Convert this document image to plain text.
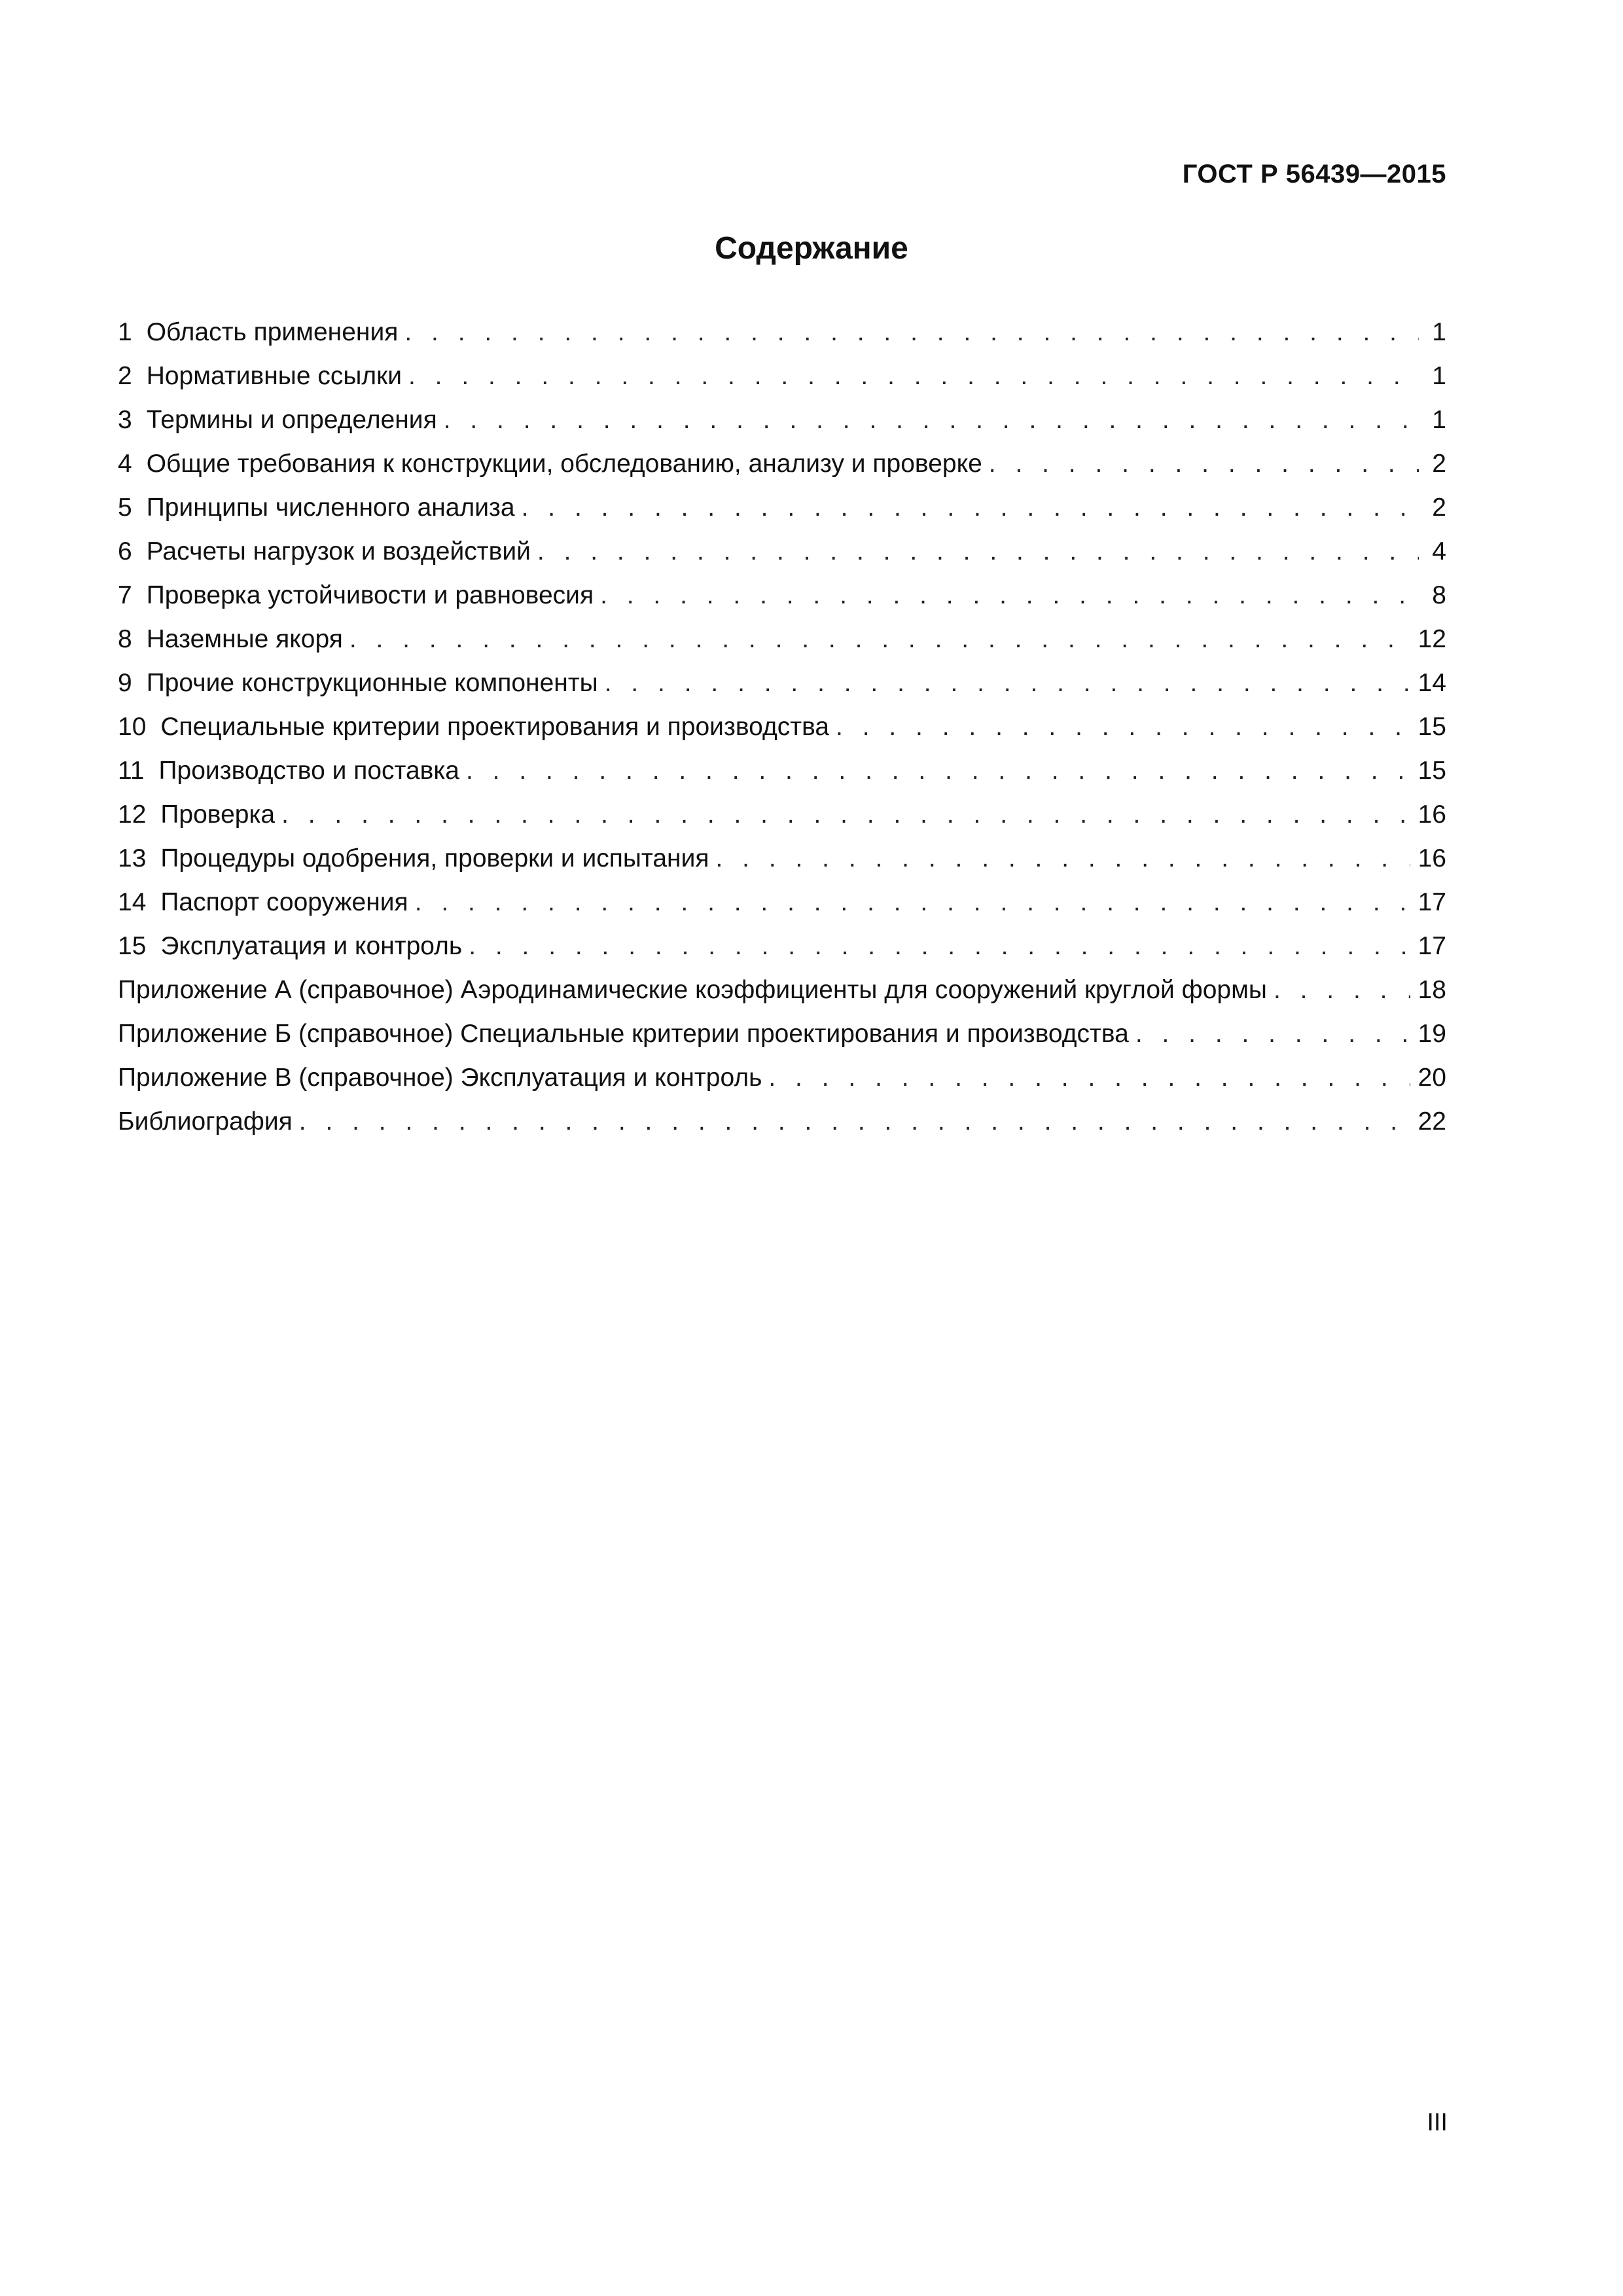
ГОСТ Р 56439—2015
Содержание
1 Область применения . . .	1
2 Нормативные ссылки . . .	1
3 Термины и определения . . .	1
4 Общие требования к конструкции, обследованию, анализу и проверке . . .	2
5 Принципы численного анализа . . .	2
6 Расчеты нагрузок и воздействий . . .	4
7 Проверка устойчивости и равновесия . . .	8
8 Наземные якоря . . .	12
9 Прочие конструкционные компоненты . . .	14
10 Специальные критерии проектирования и производства . . .	15
11 Производство и поставка . . .	15
12 Проверка . . .	16
13 Процедуры одобрения, проверки и испытания . . .	16
14 Паспорт сооружения . . .	17
15 Эксплуатация и контроль . . .	17
Приложение А (справочное) Аэродинамические коэффициенты для сооружений круглой формы . . .	18
Приложение Б (справочное) Специальные критерии проектирования и производства . . .	19
Приложение В (справочное) Эксплуатация и контроль . . .	20
Библиография . . .	22
III
